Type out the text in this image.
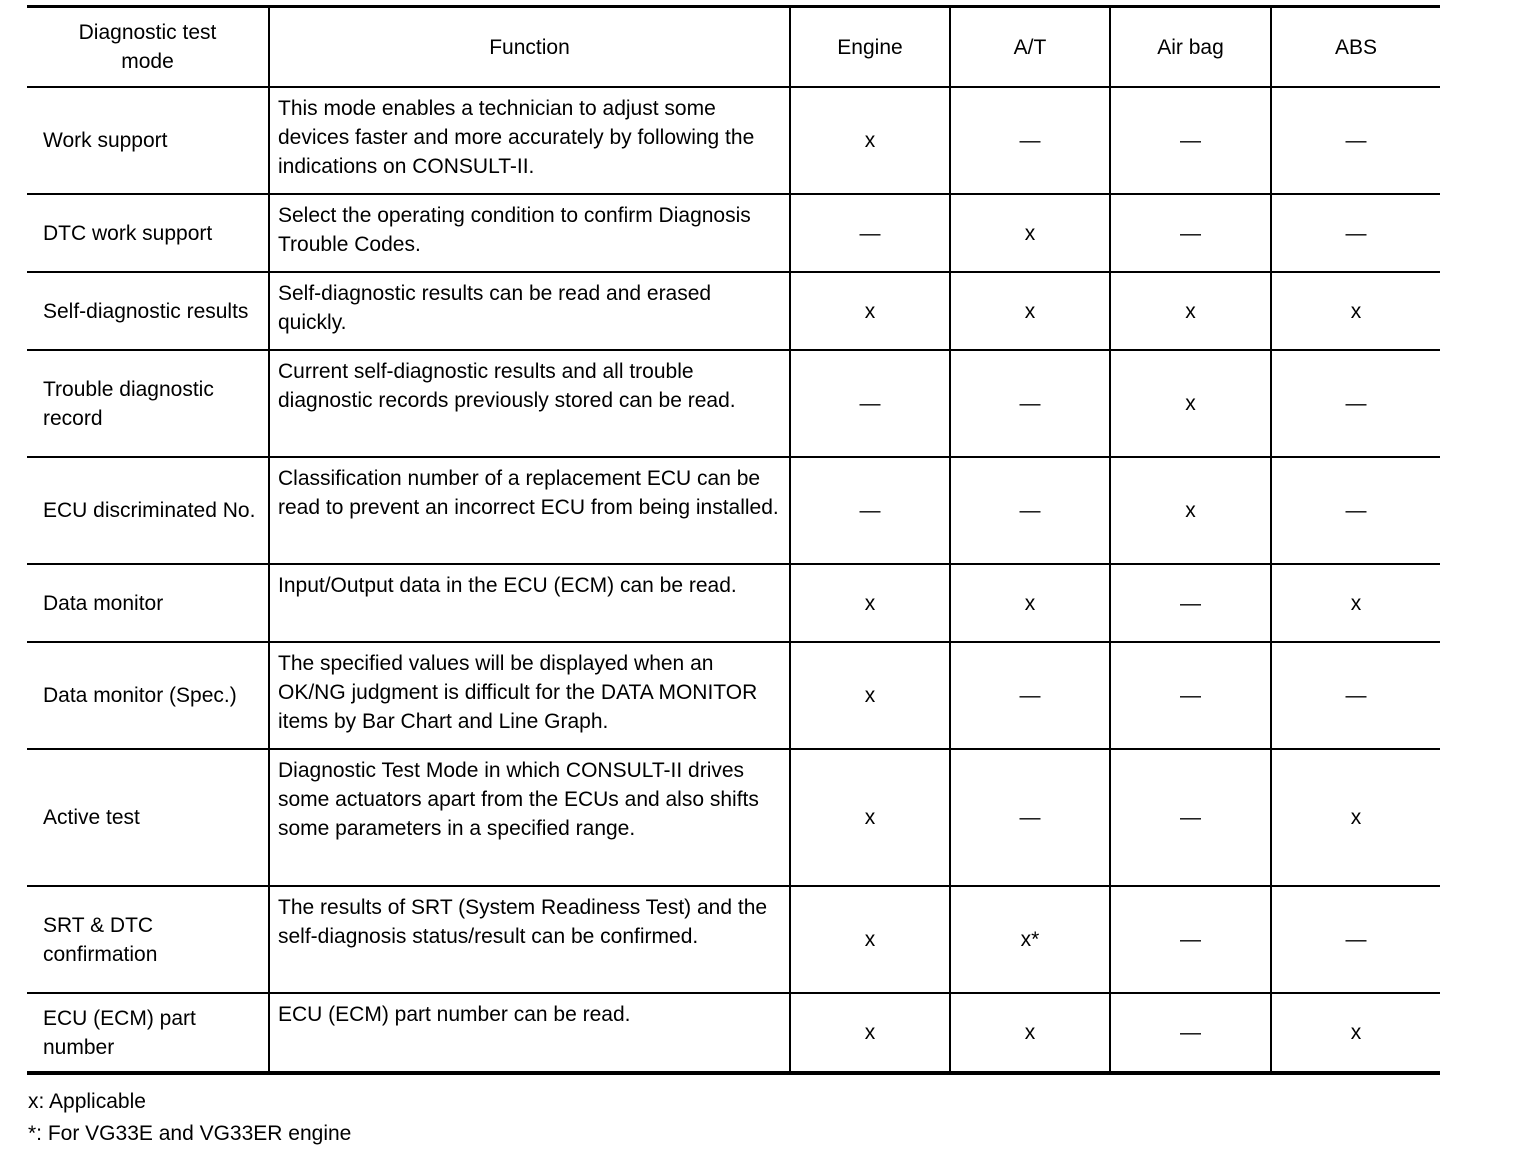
Diagnostic test mode	Function	Engine	A/T	Air bag	ABS
Work support	This mode enables a technician to adjust some devices faster and more accurately by following the indications on CONSULT-II.	x	—	—	—
DTC work support	Select the operating condition to confirm Diagnosis Trouble Codes.	—	x	—	—
Self-diagnostic results	Self-diagnostic results can be read and erased quickly.	x	x	x	x
Trouble diagnostic record	Current self-diagnostic results and all trouble diagnostic records previously stored can be read.	—	—	x	—
ECU discriminated No.	Classification number of a replacement ECU can be read to prevent an incorrect ECU from being installed.	—	—	x	—
Data monitor	Input/Output data in the ECU (ECM) can be read.	x	x	—	x
Data monitor (Spec.)	The specified values will be displayed when an OK/NG judgment is difficult for the DATA MONITOR items by Bar Chart and Line Graph.	x	—	—	—
Active test	Diagnostic Test Mode in which CONSULT-II drives some actuators apart from the ECUs and also shifts some parameters in a specified range.	x	—	—	x
SRT & DTC confirmation	The results of SRT (System Readiness Test) and the self-diagnosis status/result can be confirmed.	x	x*	—	—
ECU (ECM) part number	ECU (ECM) part number can be read.	x	x	—	x
x: Applicable
*: For VG33E and VG33ER engine
